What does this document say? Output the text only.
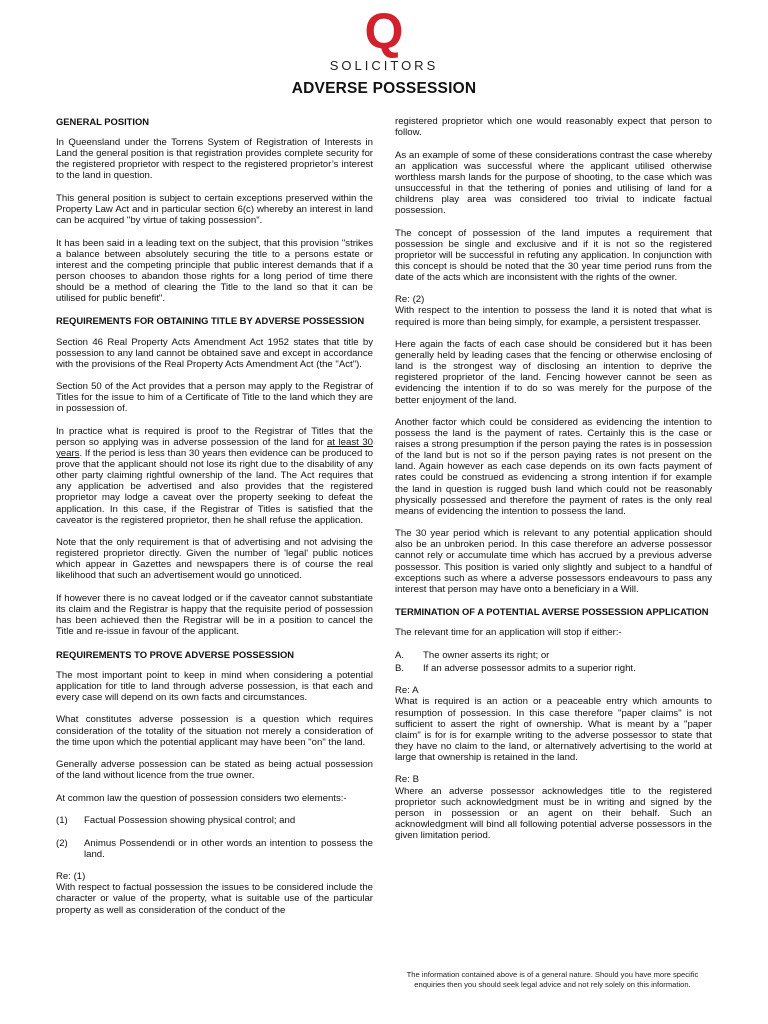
Q
SOLICITORS
ADVERSE POSSESSION
GENERAL POSITION

In Queensland under the Torrens System of Registration of Interests in Land the general position is that registration provides complete security for the registered proprietor with respect to the registered proprietor’s interest to the land in question.

This general position is subject to certain exceptions preserved within the Property Law Act and in particular section 6(c) whereby an interest in land can be acquired "by virtue of taking possession".

It has been said in a leading text on the subject, that this provision "strikes a balance between absolutely securing the title to a persons estate or interest and the competing principle that public interest demands that if a person chooses to abandon those rights for a long period of time there should be a method of clearing the Title to the land so that it can be utilised for public benefit".

REQUIREMENTS FOR OBTAINING TITLE BY ADVERSE POSSESSION

Section 46 Real Property Acts Amendment Act 1952 states that title by possession to any land cannot be obtained save and except in accordance with the provisions of the Real Property Acts Amendment Act (the "Act").

Section 50 of the Act provides that a person may apply to the Registrar of Titles for the issue to him of a Certificate of Title to the land which they are in possession of.

In practice what is required is proof to the Registrar of Titles that the person so applying was in adverse possession of the land for at least 30 years. If the period is less than 30 years then evidence can be produced to prove that the applicant should not lose its right due to the disability of any other party claiming rightful ownership of the land. The Act requires that any application be advertised and also provides that the registered proprietor may lodge a caveat over the property seeking to defeat the application. In this case, if the Registrar of Titles is satisfied that the caveator is the registered proprietor, then he shall refuse the application.

Note that the only requirement is that of advertising and not advising the registered proprietor directly. Given the number of 'legal' public notices which appear in Gazettes and newspapers there is of course the real likelihood that such an advertisement would go unnoticed.

If however there is no caveat lodged or if the caveator cannot substantiate its claim and the Registrar is happy that the requisite period of possession has been achieved then the Registrar will be in a position to cancel the Title and re-issue in favour of the applicant.

REQUIREMENTS TO PROVE ADVERSE POSSESSION

The most important point to keep in mind when considering a potential application for title to land through adverse possession, is that each and every case will depend on its own facts and circumstances.

What constitutes adverse possession is a question which requires consideration of the totality of the situation not merely a consideration of the time upon which the potential applicant may have been "on" the land.

Generally adverse possession can be stated as being actual possession of the land without licence from the true owner.

At common law the question of possession considers two elements:-

(1)	Factual Possession showing physical control; and
(2)	Animus Possendendi or in other words an intention to possess the land.

Re: (1)

With respect to factual possession the issues to be considered include the character or value of the property, what is suitable use of the particular property as well as consideration of the conduct of the

registered proprietor which one would reasonably expect that person to follow.

As an example of some of these considerations contrast the case whereby an application was successful where the applicant utilised otherwise worthless marsh lands for the purpose of shooting, to the case which was unsuccessful in that the tethering of ponies and utilising of land for a childrens play area was considered too trivial to indicate factual possession.

The concept of possession of the land imputes a requirement that possession be single and exclusive and if it is not so the registered proprietor will be successful in refuting any application. In conjunction with this concept is should be noted that the 30 year time period runs from the date of the acts which are inconsistent with the rights of the owner.

Re: (2)

With respect to the intention to possess the land it is noted that what is required is more than being simply, for example, a persistent trespasser.

Here again the facts of each case should be considered but it has been generally held by leading cases that the fencing or otherwise enclosing of land is the strongest way of disclosing an intention to deprive the registered proprietor of the land. Fencing however cannot be seen as evidencing the intention if to do so was merely for the purpose of the better enjoyment of the land.

Another factor which could be considered as evidencing the intention to possess the land is the payment of rates. Certainly this is the case or raises a strong presumption if the person paying the rates is in possession of the land but is not so if the person paying rates is not present on the land. Again however as each case depends on its own facts payment of rates could be construed as evidencing a strong intention if for example the land in question is rugged bush land which could not be reasonably physically possessed and therefore the payment of rates is the only real means of evidencing the intention to possess the land.

The 30 year period which is relevant to any potential application should also be an unbroken period. In this case therefore an adverse possessor cannot rely or accumulate time which has accrued by a previous adverse possessor. This position is varied only slightly and subject to a handful of exceptions such as where a adverse possessors endeavours to pass any interest that person may have onto a beneficiary in a Will.

TERMINATION OF A POTENTIAL AVERSE POSSESSION APPLICATION

The relevant time for an application will stop if either:-

A.	The owner asserts its right; or
B.	If an adverse possessor admits to a superior right.

Re: A

What is required is an action or a peaceable entry which amounts to resumption of possession. In this case therefore "paper claims" is not sufficient to assert the right of ownership. What is meant by a "paper claim" is for is for example writing to the adverse possessor to state that they have no claim to the land, or alternatively advertising to the world at large that ownership is retained in the land.

Re: B

Where an adverse possessor acknowledges title to the registered proprietor such acknowledgment must be in writing and signed by the person in possession or an agent on their behalf. Such an acknowledgment will bind all following potential adverse possessors in the given limitation period.

The information contained above is of a general nature. Should you have more specific enquiries then you should seek legal advice and not rely solely on this information.
